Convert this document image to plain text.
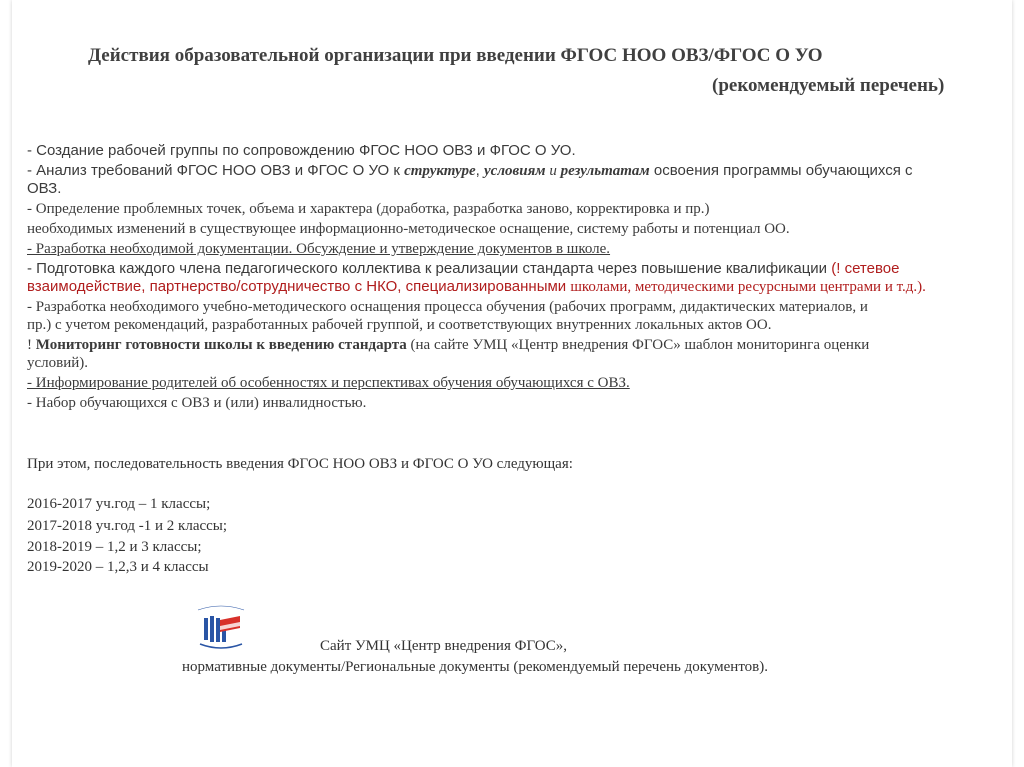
Действия образовательной организации при введении ФГОС НОО ОВЗ/ФГОС О УО
(рекомендуемый перечень)
- Создание рабочей группы по сопровождению ФГОС НОО ОВЗ и ФГОС О УО.
- Анализ требований ФГОС НОО ОВЗ и ФГОС О УО к структуре, условиям и результатам освоения программы обучающихся с
ОВЗ.
- Определение проблемных точек, объема и характера (доработка, разработка заново, корректировка и пр.)
необходимых изменений в существующее информационно-методическое оснащение, систему работы и потенциал ОО.
- Разработка необходимой документации. Обсуждение и утверждение документов в школе.
- Подготовка каждого члена педагогического коллектива к реализации стандарта через повышение квалификации (! сетевое
взаимодействие, партнерство/сотрудничество с НКО, специализированными школами, методическими ресурсными центрами и т.д.).
- Разработка необходимого учебно-методического оснащения процесса обучения (рабочих программ, дидактических материалов, и
пр.) с учетом рекомендаций, разработанных рабочей группой, и соответствующих внутренних локальных актов ОО.
! Мониторинг готовности школы к введению стандарта (на сайте УМЦ «Центр внедрения ФГОС» шаблон мониторинга оценки
условий).
- Информирование родителей об особенностях и перспективах обучения обучающихся с ОВЗ.
- Набор обучающихся с ОВЗ и (или) инвалидностью.
При этом, последовательность введения ФГОС НОО ОВЗ и ФГОС О УО следующая:
2016-2017 уч.год – 1 классы;
2017-2018 уч.год -1 и 2 классы;
2018-2019 – 1,2 и 3 классы;
2019-2020 – 1,2,3 и 4 классы
Сайт УМЦ «Центр внедрения ФГОС»,
нормативные документы/Региональные документы (рекомендуемый перечень документов).
